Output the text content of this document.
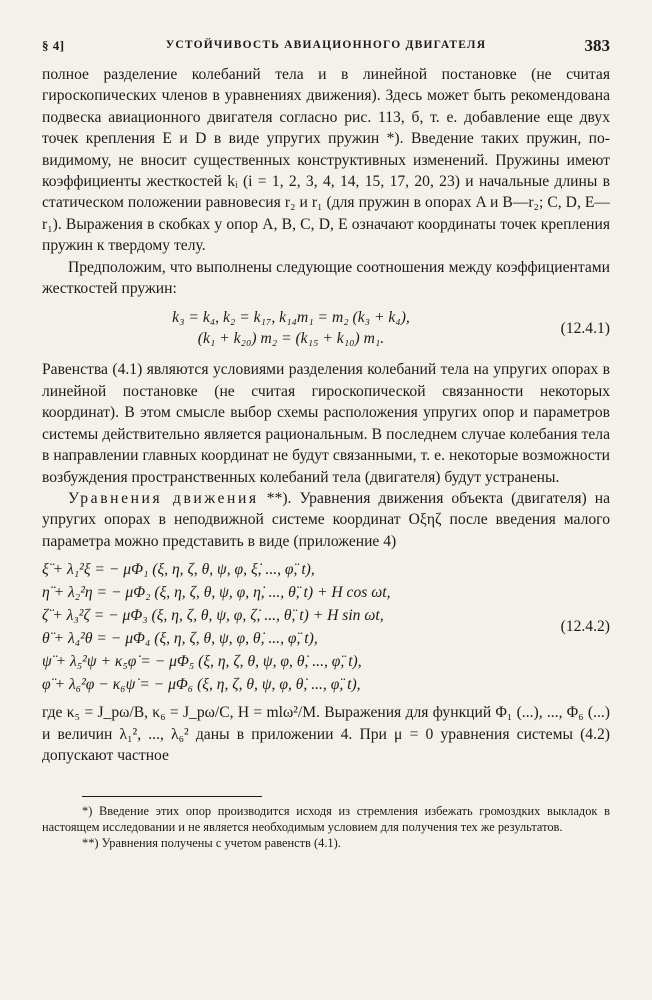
§ 4]	УСТОЙЧИВОСТЬ АВИАЦИОННОГО ДВИГАТЕЛЯ	383

полное разделение колебаний тела и в линейной постановке (не считая гироскопических членов в уравнениях движения). Здесь может быть рекомендована подвеска авиационного двигателя согласно рис. 113, б, т. е. добавление еще двух точек крепления E и D в виде упругих пружин *). Введение таких пружин, по-видимому, не вносит существенных конструктивных изменений. Пружины имеют коэффициенты жесткостей kᵢ (i = 1, 2, 3, 4, 14, 15, 17, 20, 23) и начальные длины в статическом положении равновесия r₂ и r₁ (для пружин в опорах A и B—r₂; C, D, E—r₁). Выражения в скобках у опор A, B, C, D, E означают координаты точек крепления пружин к твердому телу.

Предположим, что выполнены следующие соотношения между коэффициентами жесткостей пружин:

k₃ = k₄, k₂ = k₁₇, k₁₄m₁ = m₂ (k₃ + k₄),
(k₁ + k₂₀) m₂ = (k₁₅ + k₁₀) m₁.
(12.4.1)

Равенства (4.1) являются условиями разделения колебаний тела на упругих опорах в линейной постановке (не считая гироскопической связанности некоторых координат). В этом смысле выбор схемы расположения упругих опор и параметров системы действительно является рациональным. В последнем случае колебания тела в направлении главных координат не будут связанными, т. е. некоторые возможности возбуждения пространственных колебаний тела (двигателя) будут устранены.

Уравнения движения **). Уравнения движения объекта (двигателя) на упругих опорах в неподвижной системе координат Oξηζ после введения малого параметра можно представить в виде (приложение 4)

ξ̈ + λ₁²ξ = − μΦ₁ (ξ, η, ζ, θ, ψ, φ, ξ̇, ..., φ̈, t),
η̈ + λ₂²η = − μΦ₂ (ξ, η, ζ, θ, ψ, φ, η̇, ..., θ̈, t) + H cos ωt,
ζ̈ + λ₃²ζ = − μΦ₃ (ξ, η, ζ, θ, ψ, φ, ζ̇, ..., θ̈, t) + H sin ωt,
θ̈ + λ₄²θ = − μΦ₄ (ξ, η, ζ, θ, ψ, φ, θ̇, ..., φ̈, t),
ψ̈ + λ₅²ψ + κ₅φ̇ = − μΦ₅ (ξ, η, ζ, θ, ψ, φ, θ̇, ..., φ̈, t),
φ̈ + λ₆²φ − κ₆ψ̇ = − μΦ₆ (ξ, η, ζ, θ, ψ, φ, θ̇, ..., φ̈, t),
(12.4.2)

где κ₅ = J_pω/B, κ₆ = J_pω/C, H = mlω²/M. Выражения для функций Φ₁ (...), ..., Φ₆ (...) и величин λ₁², ..., λ₆² даны в приложении 4. При μ = 0 уравнения системы (4.2) допускают частное

*) Введение этих опор производится исходя из стремления избежать громоздких выкладок в настоящем исследовании и не является необходимым условием для получения тех же результатов.

**) Уравнения получены с учетом равенств (4.1).
